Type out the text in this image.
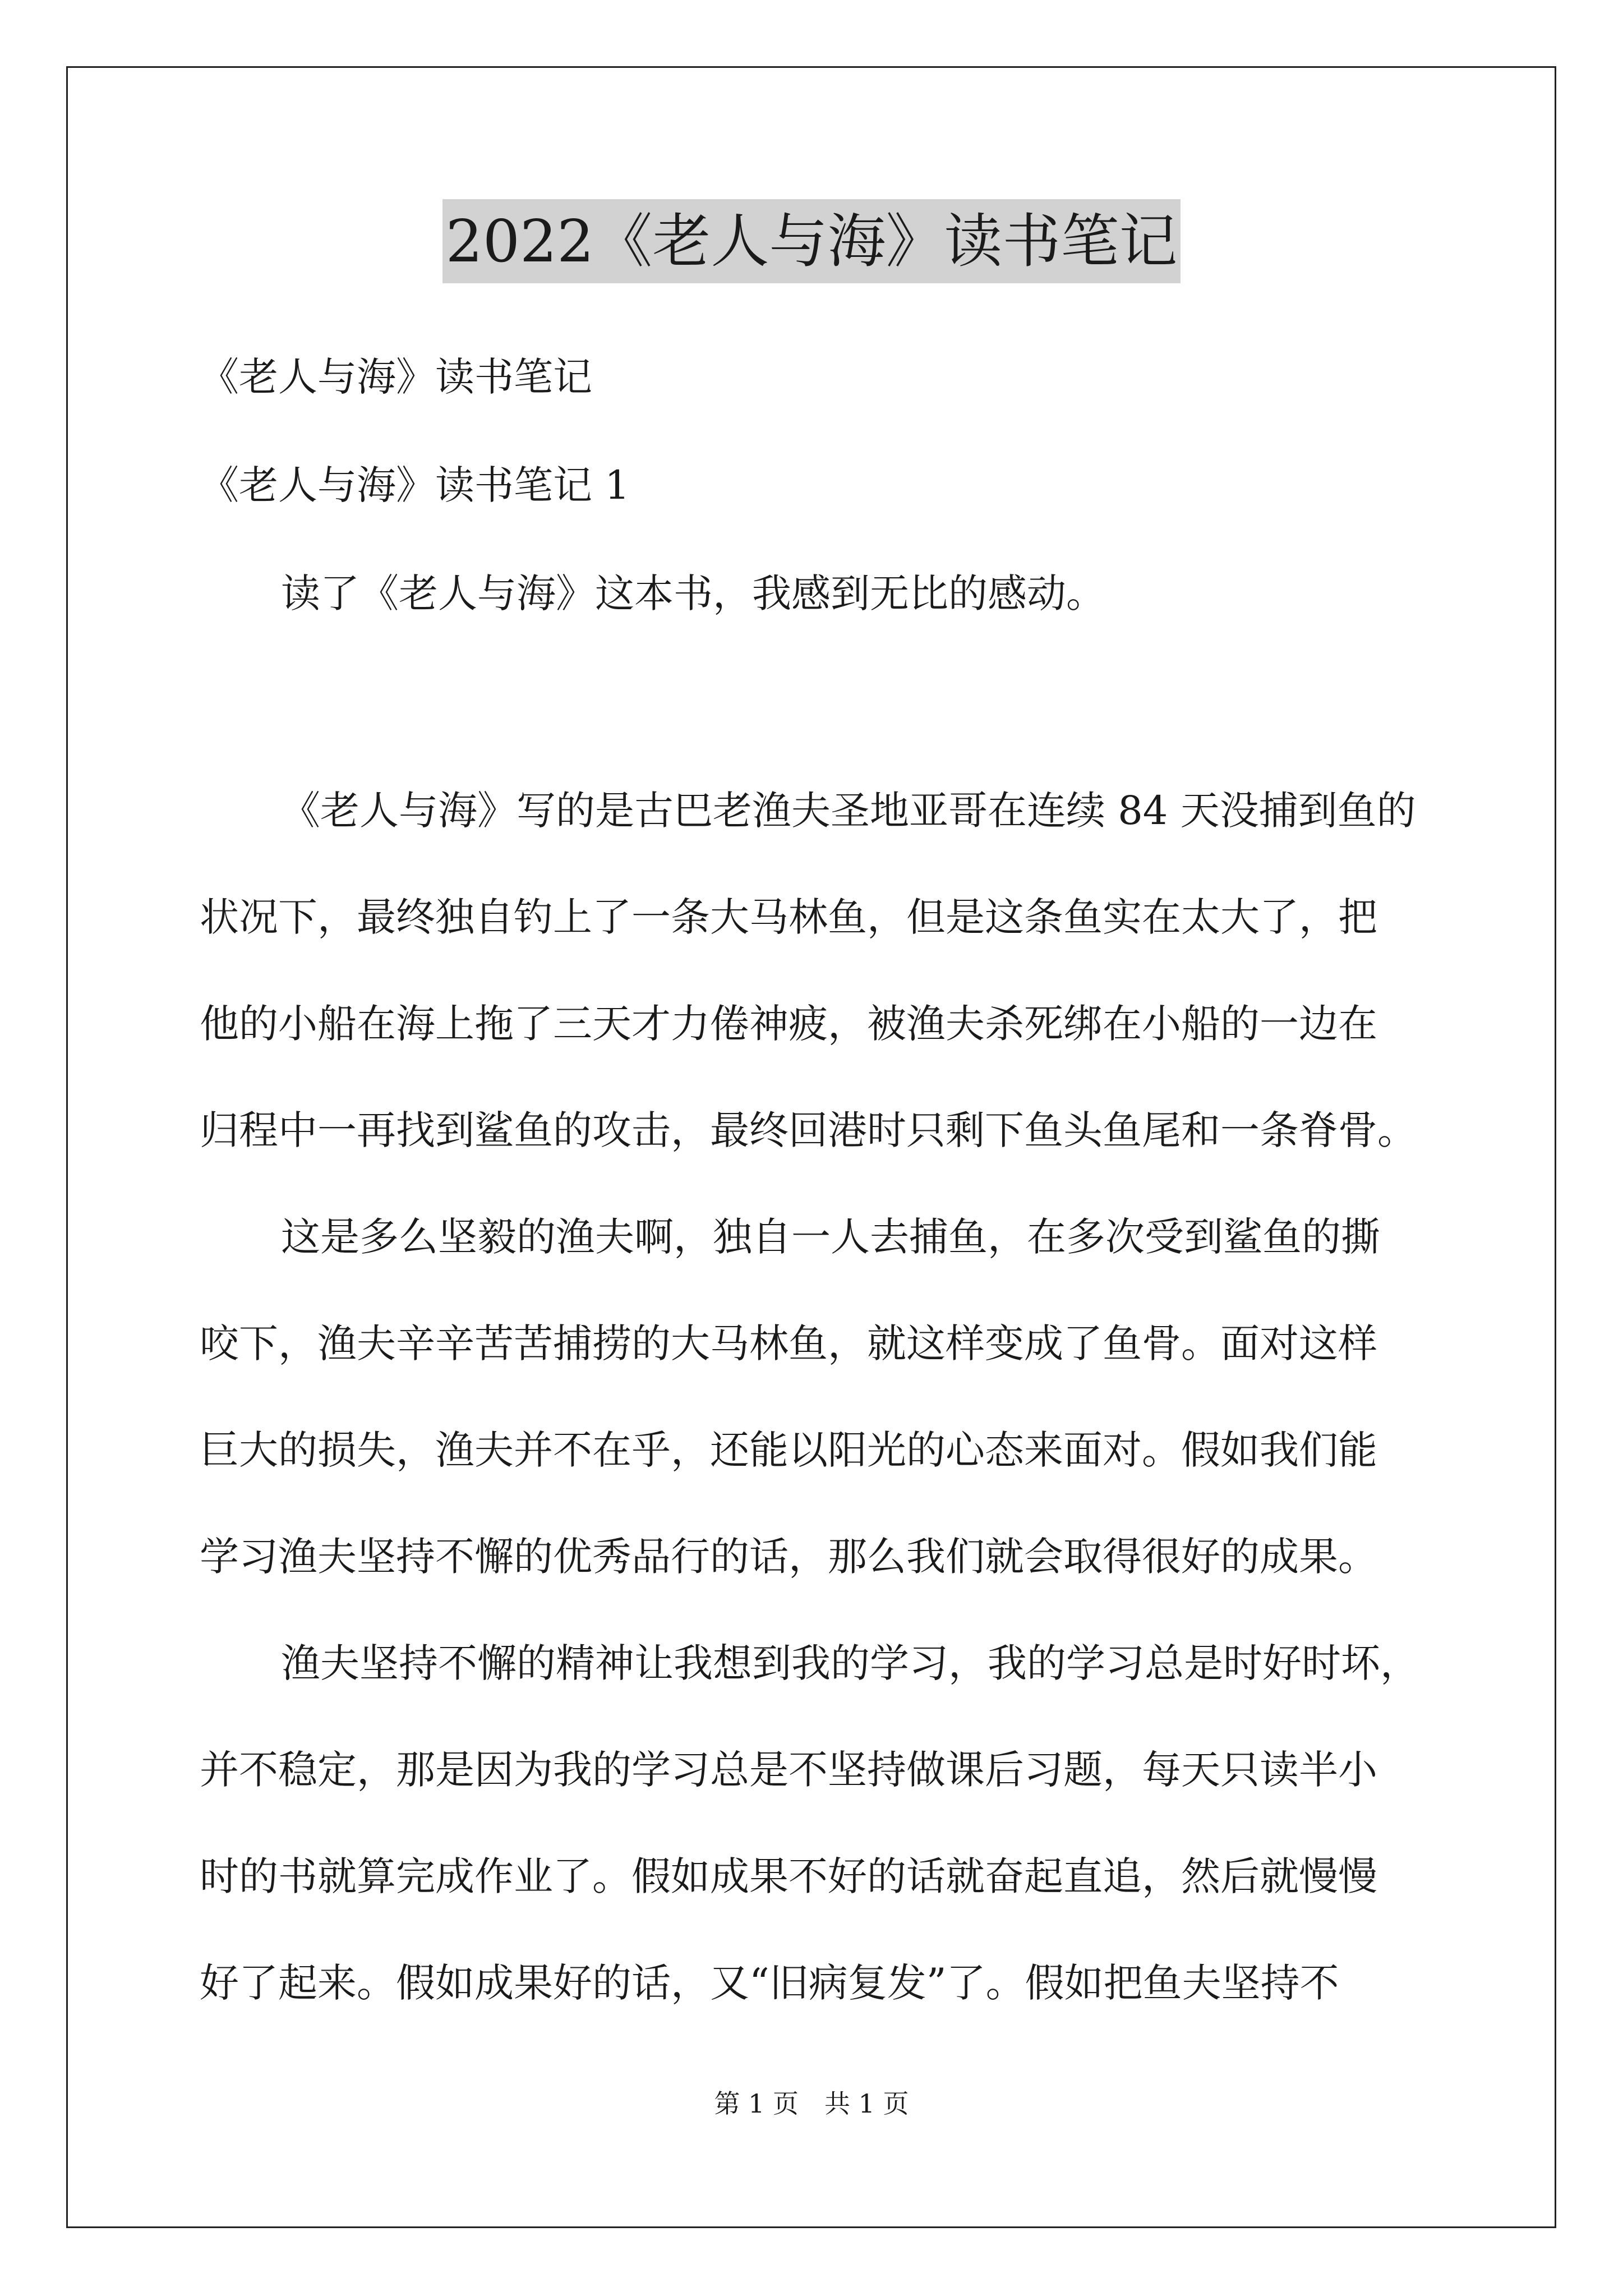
2022《老人与海》读书笔记
《老人与海》读书笔记
《老人与海》读书笔记 1
读了《老人与海》这本书，我感到无比的感动。
《老人与海》写的是古巴老渔夫圣地亚哥在连续 84 天没捕到鱼的
状况下，最终独自钓上了一条大马林鱼，但是这条鱼实在太大了，把
他的小船在海上拖了三天才力倦神疲，被渔夫杀死绑在小船的一边在
归程中一再找到鲨鱼的攻击，最终回港时只剩下鱼头鱼尾和一条脊骨。
这是多么坚毅的渔夫啊，独自一人去捕鱼，在多次受到鲨鱼的撕
咬下，渔夫辛辛苦苦捕捞的大马林鱼，就这样变成了鱼骨。面对这样
巨大的损失，渔夫并不在乎，还能以阳光的心态来面对。假如我们能
学习渔夫坚持不懈的优秀品行的话，那么我们就会取得很好的成果。
渔夫坚持不懈的精神让我想到我的学习，我的学习总是时好时坏，
并不稳定，那是因为我的学习总是不坚持做课后习题，每天只读半小
时的书就算完成作业了。假如成果不好的话就奋起直追，然后就慢慢
好了起来。假如成果好的话，又“旧病复发”了。假如把鱼夫坚持不
第 1 页　共 1 页
